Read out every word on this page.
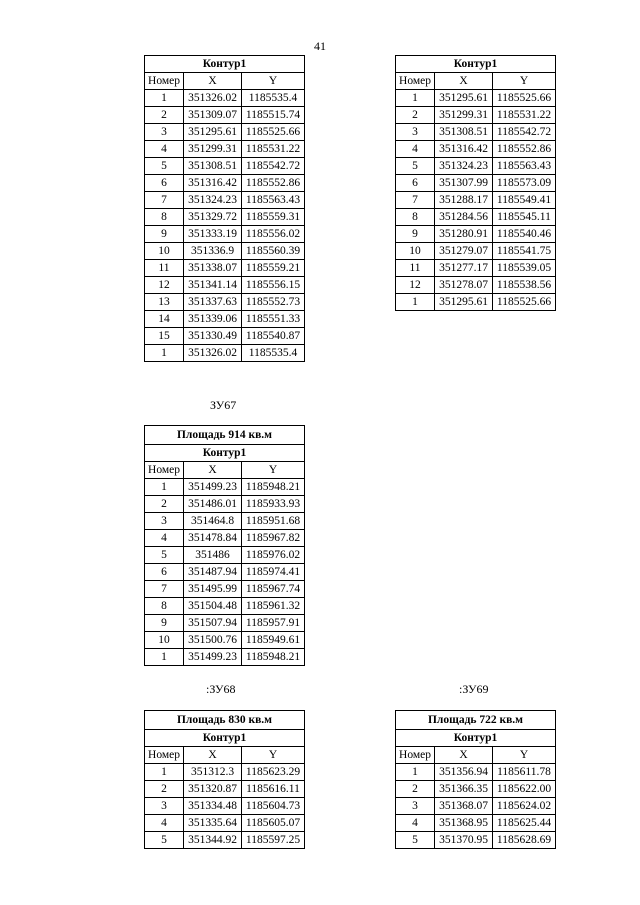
41
Контур1		
Номер	X	Y
1	351326.02	1185535.4
2	351309.07	1185515.74
3	351295.61	1185525.66
4	351299.31	1185531.22
5	351308.51	1185542.72
6	351316.42	1185552.86
7	351324.23	1185563.43
8	351329.72	1185559.31
9	351333.19	1185556.02
10	351336.9	1185560.39
11	351338.07	1185559.21
12	351341.14	1185556.15
13	351337.63	1185552.73
14	351339.06	1185551.33
15	351330.49	1185540.87
1	351326.02	1185535.4
Контур1		
Номер	X	Y
1	351295.61	1185525.66
2	351299.31	1185531.22
3	351308.51	1185542.72
4	351316.42	1185552.86
5	351324.23	1185563.43
6	351307.99	1185573.09
7	351288.17	1185549.41
8	351284.56	1185545.11
9	351280.91	1185540.46
10	351279.07	1185541.75
11	351277.17	1185539.05
12	351278.07	1185538.56
1	351295.61	1185525.66
ЗУ67
Площадь 914 кв.м		
Контур1		
Номер	X	Y
1	351499.23	1185948.21
2	351486.01	1185933.93
3	351464.8	1185951.68
4	351478.84	1185967.82
5	351486	1185976.02
6	351487.94	1185974.41
7	351495.99	1185967.74
8	351504.48	1185961.32
9	351507.94	1185957.91
10	351500.76	1185949.61
1	351499.23	1185948.21
:ЗУ68	:ЗУ69
Площадь 830 кв.м		
Контур1		
Номер	X	Y
1	351312.3	1185623.29
2	351320.87	1185616.11
3	351334.48	1185604.73
4	351335.64	1185605.07
5	351344.92	1185597.25
Площадь 722 кв.м		
Контур1		
Номер	X	Y
1	351356.94	1185611.78
2	351366.35	1185622.00
3	351368.07	1185624.02
4	351368.95	1185625.44
5	351370.95	1185628.69
